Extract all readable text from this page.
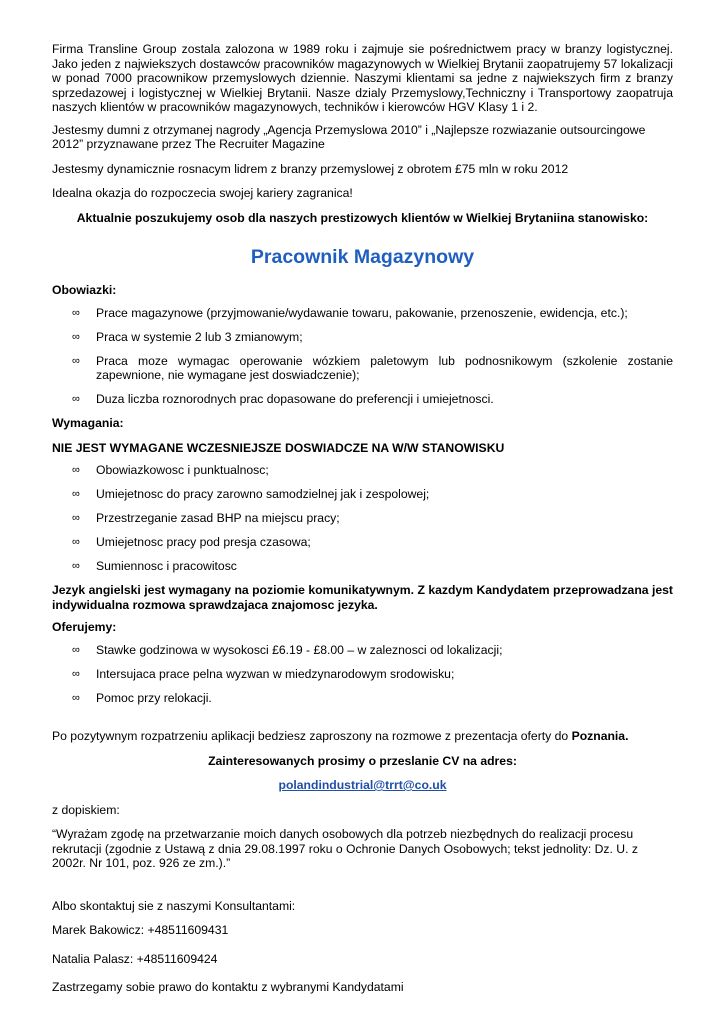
Firma Transline Group zostala zalozona w 1989 roku i zajmuje sie pośrednictwem pracy w branzy logistycznej. Jako jeden z najwiekszych dostawców pracowników magazynowych w Wielkiej Brytanii zaopatrujemy 57 lokalizacji w ponad 7000 pracownikow przemyslowych dziennie. Naszymi klientami sa jedne z najwiekszych firm z branzy sprzedazowej i logistycznej w Wielkiej Brytanii. Nasze dzialy Przemyslowy,Techniczny i Transportowy zaopatruja naszych klientów w pracowników magazynowych, techników i kierowców HGV Klasy 1 i 2.

Jestesmy dumni z otrzymanej nagrody „Agencja Przemyslowa 2010” i „Najlepsze rozwiazanie outsourcingowe 2012” przyznawane przez The Recruiter Magazine

Jestesmy dynamicznie rosnacym lidrem z branzy przemyslowej z obrotem £75 mln w roku 2012

Idealna okazja do rozpoczecia swojej kariery zagranica!

Aktualnie poszukujemy osob dla naszych prestizowych klientów w Wielkiej Brytaniina stanowisko:

Pracownik Magazynowy

Obowiazki:

∞ Prace magazynowe (przyjmowanie/wydawanie towaru, pakowanie, przenoszenie, ewidencja, etc.);
∞ Praca w systemie 2 lub 3 zmianowym;
∞ Praca moze wymagac operowanie wózkiem paletowym lub podnosnikowym (szkolenie zostanie zapewnione, nie wymagane jest doswiadczenie);
∞ Duza liczba roznorodnych prac dopasowane do preferencji i umiejetnosci.

Wymagania:

NIE JEST WYMAGANE WCZESNIEJSZE DOSWIADCZE NA W/W STANOWISKU

∞ Obowiazkowosc i punktualnosc;
∞ Umiejetnosc do pracy zarowno samodzielnej jak i zespolowej;
∞ Przestrzeganie zasad BHP na miejscu pracy;
∞ Umiejetnosc pracy pod presja czasowa;
∞ Sumiennosc i pracowitosc

Jezyk angielski jest wymagany na poziomie komunikatywnym. Z kazdym Kandydatem przeprowadzana jest indywidualna rozmowa sprawdzajaca znajomosc jezyka.

Oferujemy:

∞ Stawke godzinowa w wysokosci £6.19 - £8.00 – w zaleznosci od lokalizacji;
∞ Intersujaca prace pelna wyzwan w miedzynarodowym srodowisku;
∞ Pomoc przy relokacji.

Po pozytywnym rozpatrzeniu aplikacji bedziesz zaproszony na rozmowe z prezentacja oferty do Poznania.

Zainteresowanych prosimy o przeslanie CV na adres:

polandindustrial@trrt@co.uk

z dopiskiem:

“Wyrażam zgodę na przetwarzanie moich danych osobowych dla potrzeb niezbędnych do realizacji procesu rekrutacji (zgodnie z Ustawą z dnia 29.08.1997 roku o Ochronie Danych Osobowych; tekst jednolity: Dz. U. z 2002r. Nr 101, poz. 926 ze zm.).”

Albo skontaktuj sie z naszymi Konsultantami:

Marek Bakowicz: +48511609431

Natalia Palasz: +48511609424

Zastrzegamy sobie prawo do kontaktu z wybranymi Kandydatami
